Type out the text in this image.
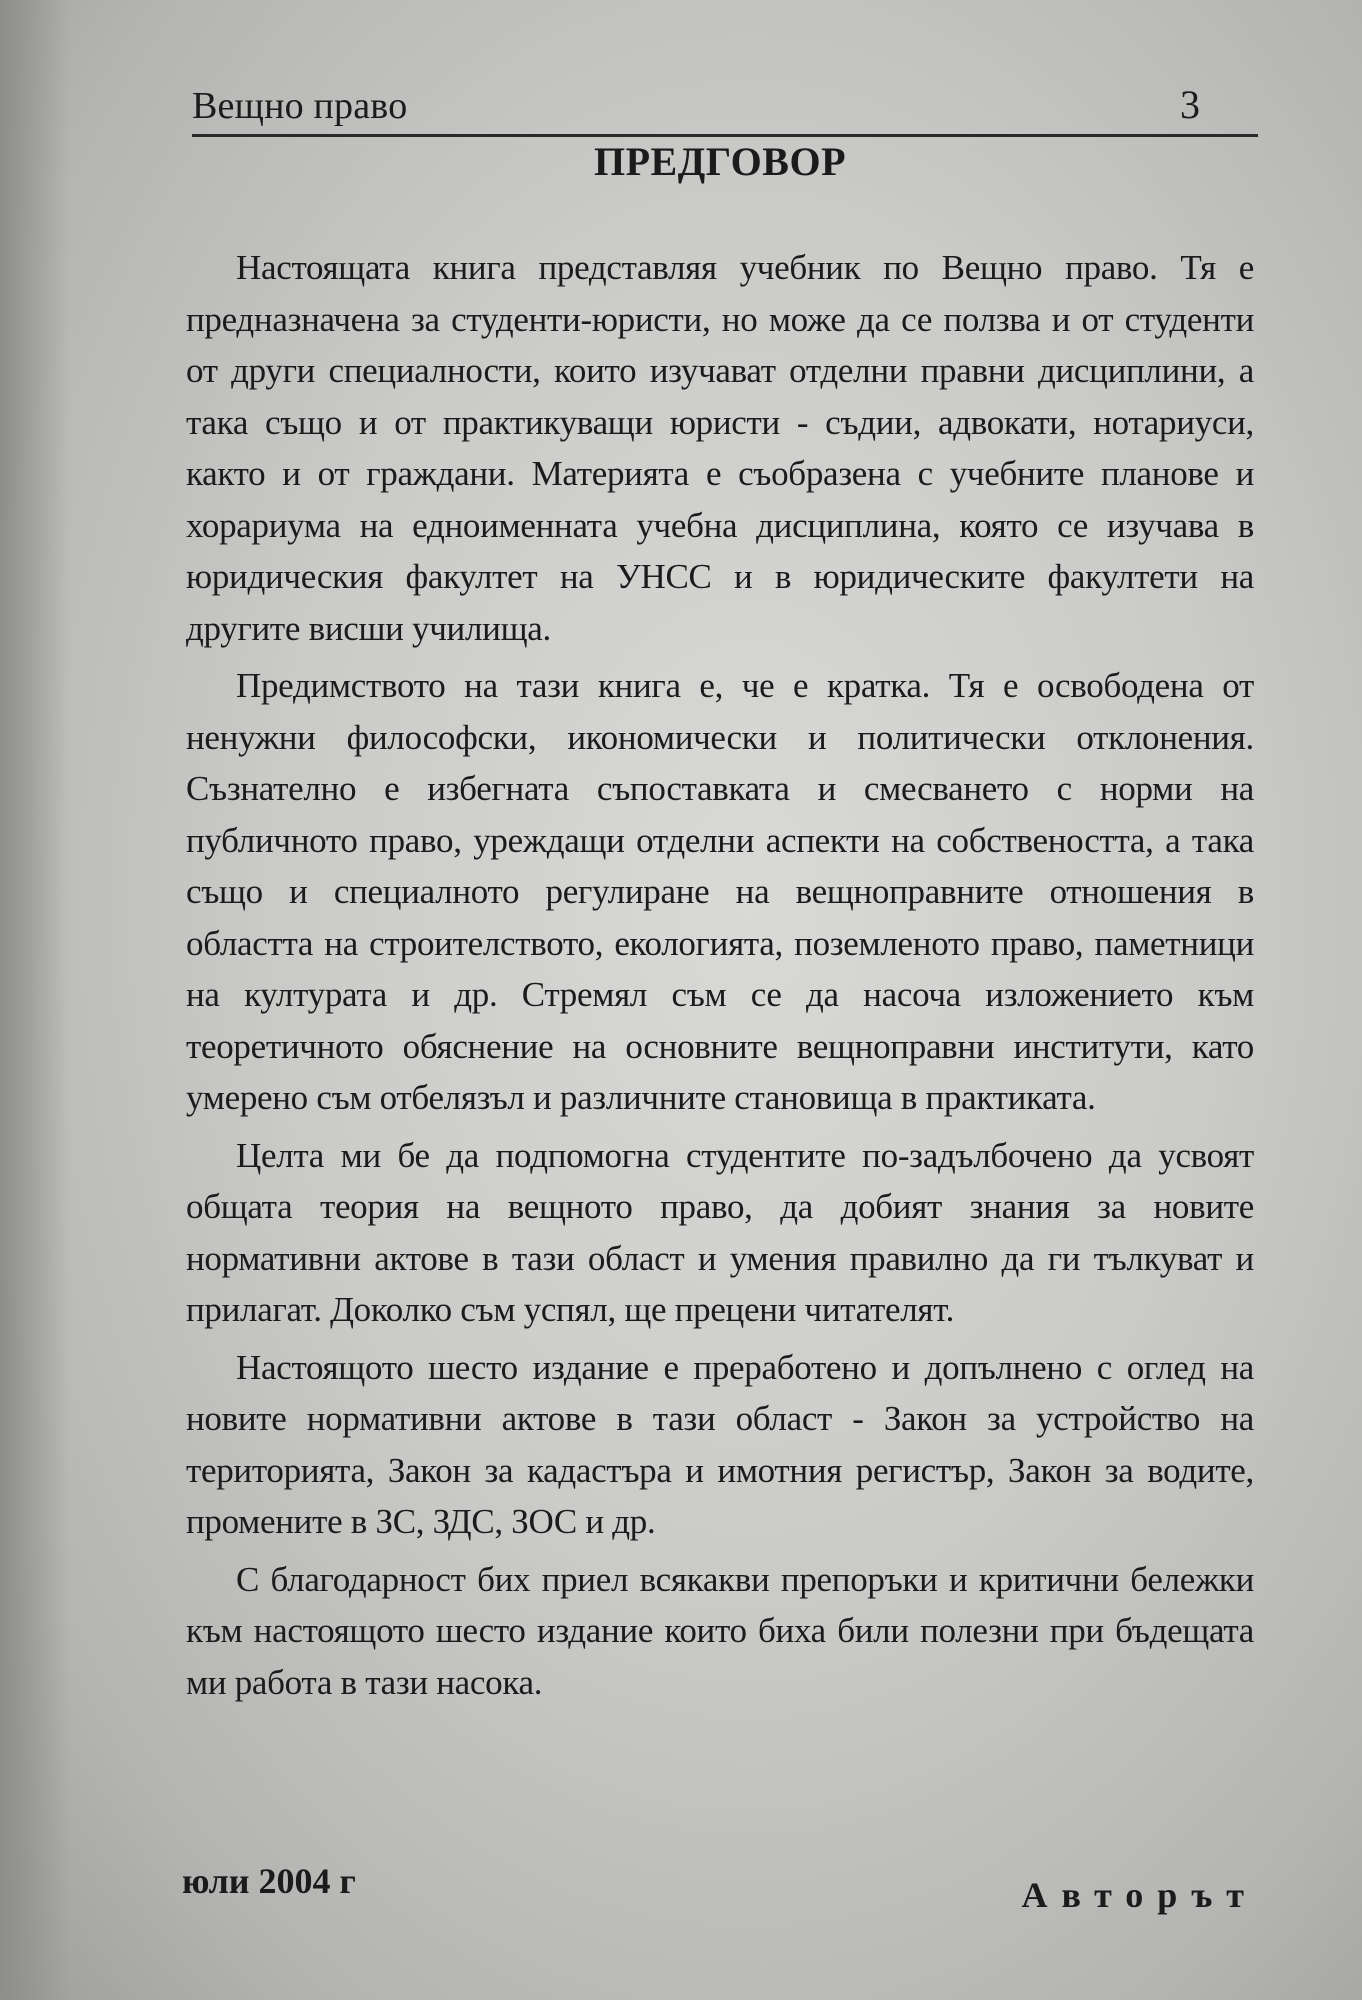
Вещно право	3
ПРЕДГОВОР

Настоящата книга представляя учебник по Вещно право. Тя е предназначена за студенти-юристи, но може да се ползва и от студенти от други специалности, които изучават отделни правни дисциплини, а така също и от практикуващи юристи - съдии, адвокати, нотариуси, както и от граждани. Материята е съобразена с учебните планове и хорариума на едноименната учебна дисциплина, която се изучава в юридическия факултет на УНСС и в юридическите факултети на другите висши училища.

Предимството на тази книга е, че е кратка. Тя е освободена от ненужни философски, икономически и политически отклонения. Съзнателно е избегната съпоставката и смесването с норми на публичното право, уреждащи отделни аспекти на собствеността, а така също и специалното регулиране на вещноправните отношения в областта на строителството, екологията, поземленото право, паметници на културата и др. Стремял съм се да насоча изложението към теоретичното обяснение на основните вещноправни институти, като умерено съм отбелязъл и различните становища в практиката.

Целта ми бе да подпомогна студентите по-задълбочено да усвоят общата теория на вещното право, да добият знания за новите нормативни актове в тази област и умения правилно да ги тълкуват и прилагат. Доколко съм успял, ще прецени читателят.

Настоящото шесто издание е преработено и допълнено с оглед на новите нормативни актове в тази област - Закон за устройство на територията, Закон за кадастъра и имотния регистър, Закон за водите, промените в ЗС, ЗДС, ЗОС и др.

С благодарност бих приел всякакви препоръки и критични бележки към настоящото шесто издание които биха били полезни при бъдещата ми работа в тази насока.

юли 2004 г	Авторът
